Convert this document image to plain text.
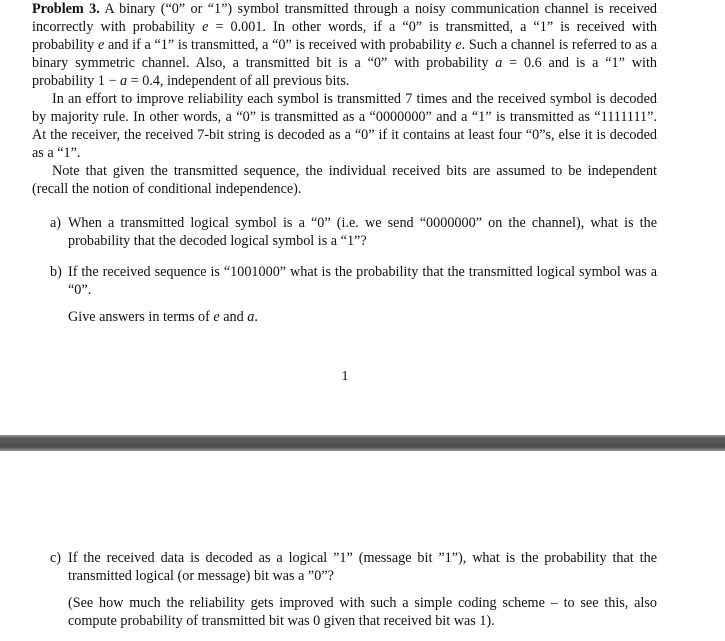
Problem 3. A binary (“0” or “1”) symbol transmitted through a noisy communication channel is received incorrectly with probability e = 0.001. In other words, if a “0” is transmitted, a “1” is received with probability e and if a “1” is transmitted, a “0” is received with probability e. Such a channel is referred to as a binary symmetric channel. Also, a transmitted bit is a “0” with probability a = 0.6 and is a “1” with probability 1 − a = 0.4, independent of all previous bits.

In an effort to improve reliability each symbol is transmitted 7 times and the received symbol is decoded by majority rule. In other words, a “0” is transmitted as a “0000000” and a “1” is transmitted as “1111111”. At the receiver, the received 7-bit string is decoded as a “0” if it contains at least four “0”s, else it is decoded as a “1”.

Note that given the transmitted sequence, the individual received bits are assumed to be independent (recall the notion of conditional independence).

a) When a transmitted logical symbol is a “0” (i.e. we send “0000000” on the channel), what is the probability that the decoded logical symbol is a “1”?

b) If the received sequence is “1001000” what is the probability that the transmitted logical symbol was a “0”.

Give answers in terms of e and a.

1
c) If the received data is decoded as a logical ”1” (message bit ”1”), what is the probability that the transmitted logical (or message) bit was a ”0”?

(See how much the reliability gets improved with such a simple coding scheme – to see this, also compute probability of transmitted bit was 0 given that received bit was 1).
